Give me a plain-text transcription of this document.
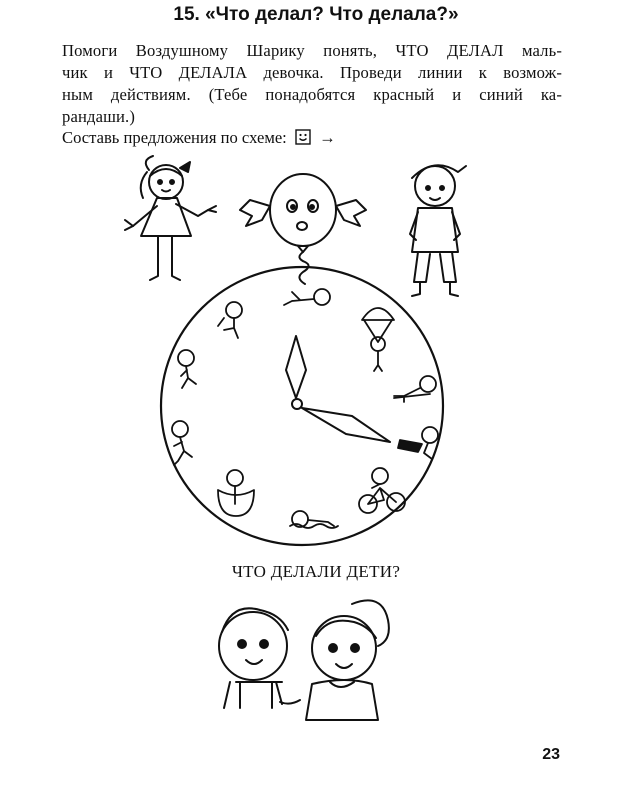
15. «Что делал? Что делала?»
Помоги Воздушному Шарику понять, ЧТО ДЕЛАЛ маль-
чик и ЧТО ДЕЛАЛА девочка. Проведи линии к возмож-
ным действиям. (Тебе понадобятся красный и синий ка-
рандаши.)
Составь предложения по схеме: →
ЧТО ДЕЛАЛИ ДЕТИ?
23
